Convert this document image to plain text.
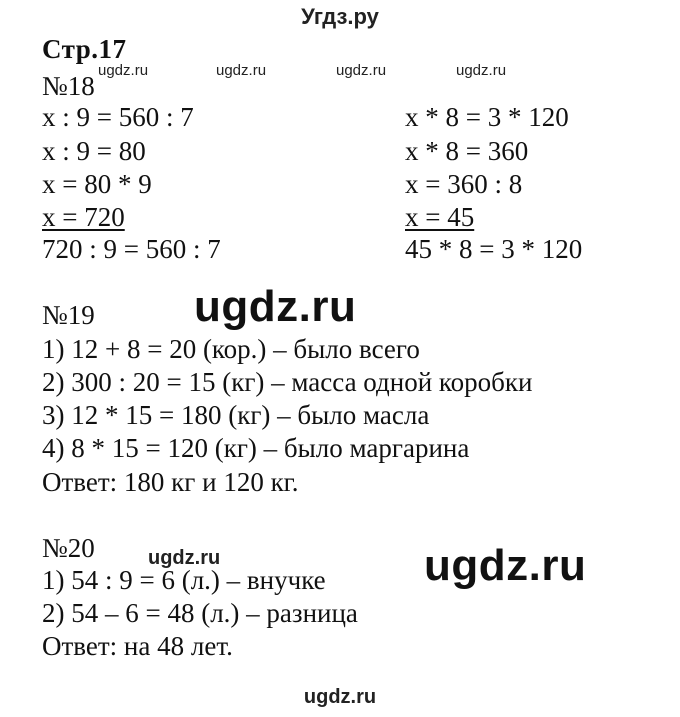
Угдз.ру
Стр.17
ugdz.ru	ugdz.ru	ugdz.ru	ugdz.ru
№18
x : 9 = 560 : 7
x : 9 = 80
x = 80 * 9
x = 720
720 : 9 = 560 : 7
x * 8 = 3 * 120
x * 8 = 360
x = 360 : 8
x = 45
45 * 8 = 3 * 120
№19 ugdz.ru
1) 12 + 8 = 20 (кор.) – было всего
2) 300 : 20 = 15 (кг) – масса одной коробки
3) 12 * 15 = 180 (кг) – было масла
4) 8 * 15 = 120 (кг) – было маргарина
Ответ: 180 кг и 120 кг.
№20	ugdz.ru	ugdz.ru
1) 54 : 9 = 6 (л.) – внучке
2) 54 – 6 = 48 (л.) – разница
Ответ: на 48 лет.
ugdz.ru
